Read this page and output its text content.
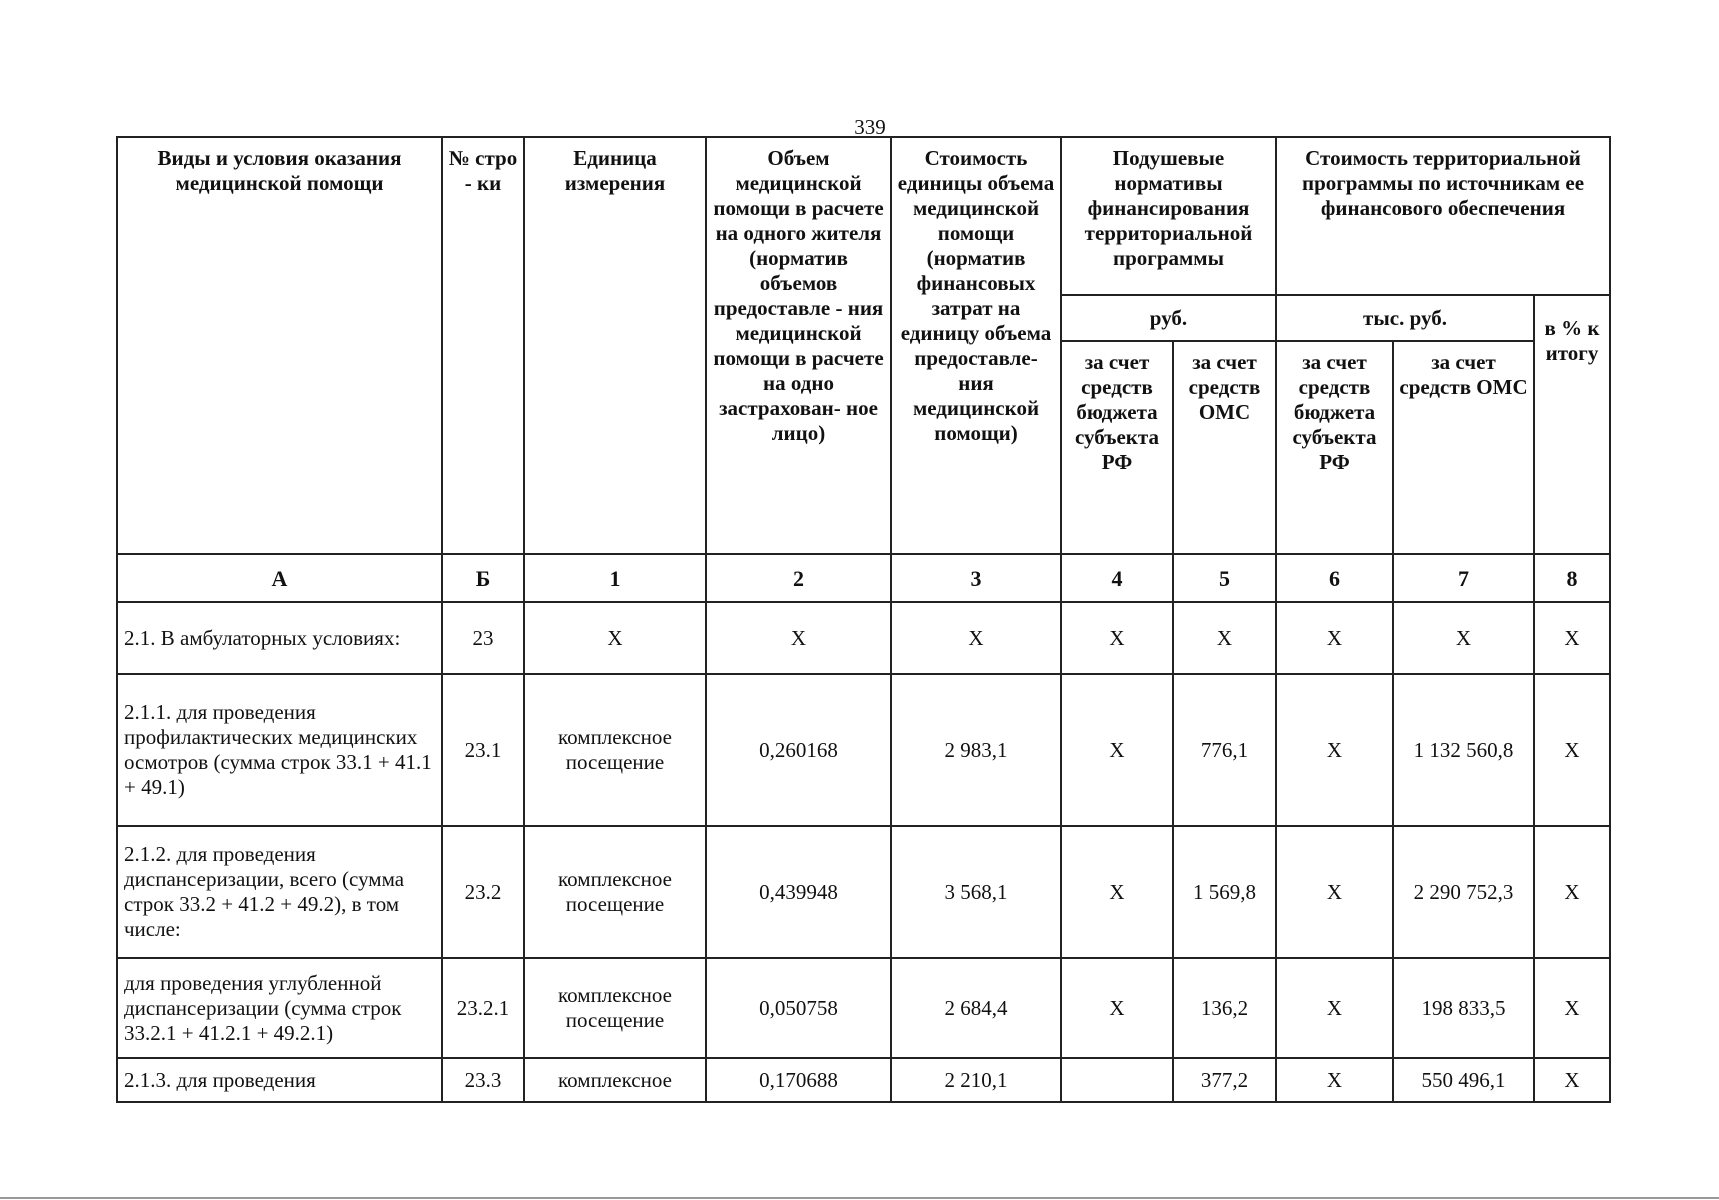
339
Виды и условия оказания медицинской помощи	№ стро - ки	Единица измерения	Объем медицинской помощи в расчете на одного жителя (норматив объемов предоставле - ния медицинской помощи в расчете на одно застрахован- ное лицо)	Стоимость единицы объема медицинской помощи (норматив финансовых затрат на единицу объема предоставле- ния медицинской помощи)	Подушевые нормативы финансирования территориальной программы		Стоимость территориальной программы по источникам ее финансового обеспечения		
					руб.		тыс. руб.		в % к итогу
					за счет средств бюджета субъекта РФ	за счет средств ОМС	за счет средств бюджета субъекта РФ	за счет средств ОМС	
А	Б	1	2	3	4	5	6	7	8
2.1. В амбулаторных условиях:	23	Х	Х	Х	Х	Х	Х	Х	Х
2.1.1. для проведения профилактических медицинских осмотров (сумма строк 33.1 + 41.1 + 49.1)	23.1	комплексное посещение	0,260168	2 983,1	Х	776,1	Х	1 132 560,8	Х
2.1.2. для проведения диспансеризации, всего (сумма строк 33.2 + 41.2 + 49.2), в том числе:	23.2	комплексное посещение	0,439948	3 568,1	Х	1 569,8	Х	2 290 752,3	Х
для проведения углубленной диспансеризации (сумма строк 33.2.1 + 41.2.1 + 49.2.1)	23.2.1	комплексное посещение	0,050758	2 684,4	Х	136,2	Х	198 833,5	Х
2.1.3. для проведения	23.3	комплексное	0,170688	2 210,1		377,2	Х	550 496,1	Х
